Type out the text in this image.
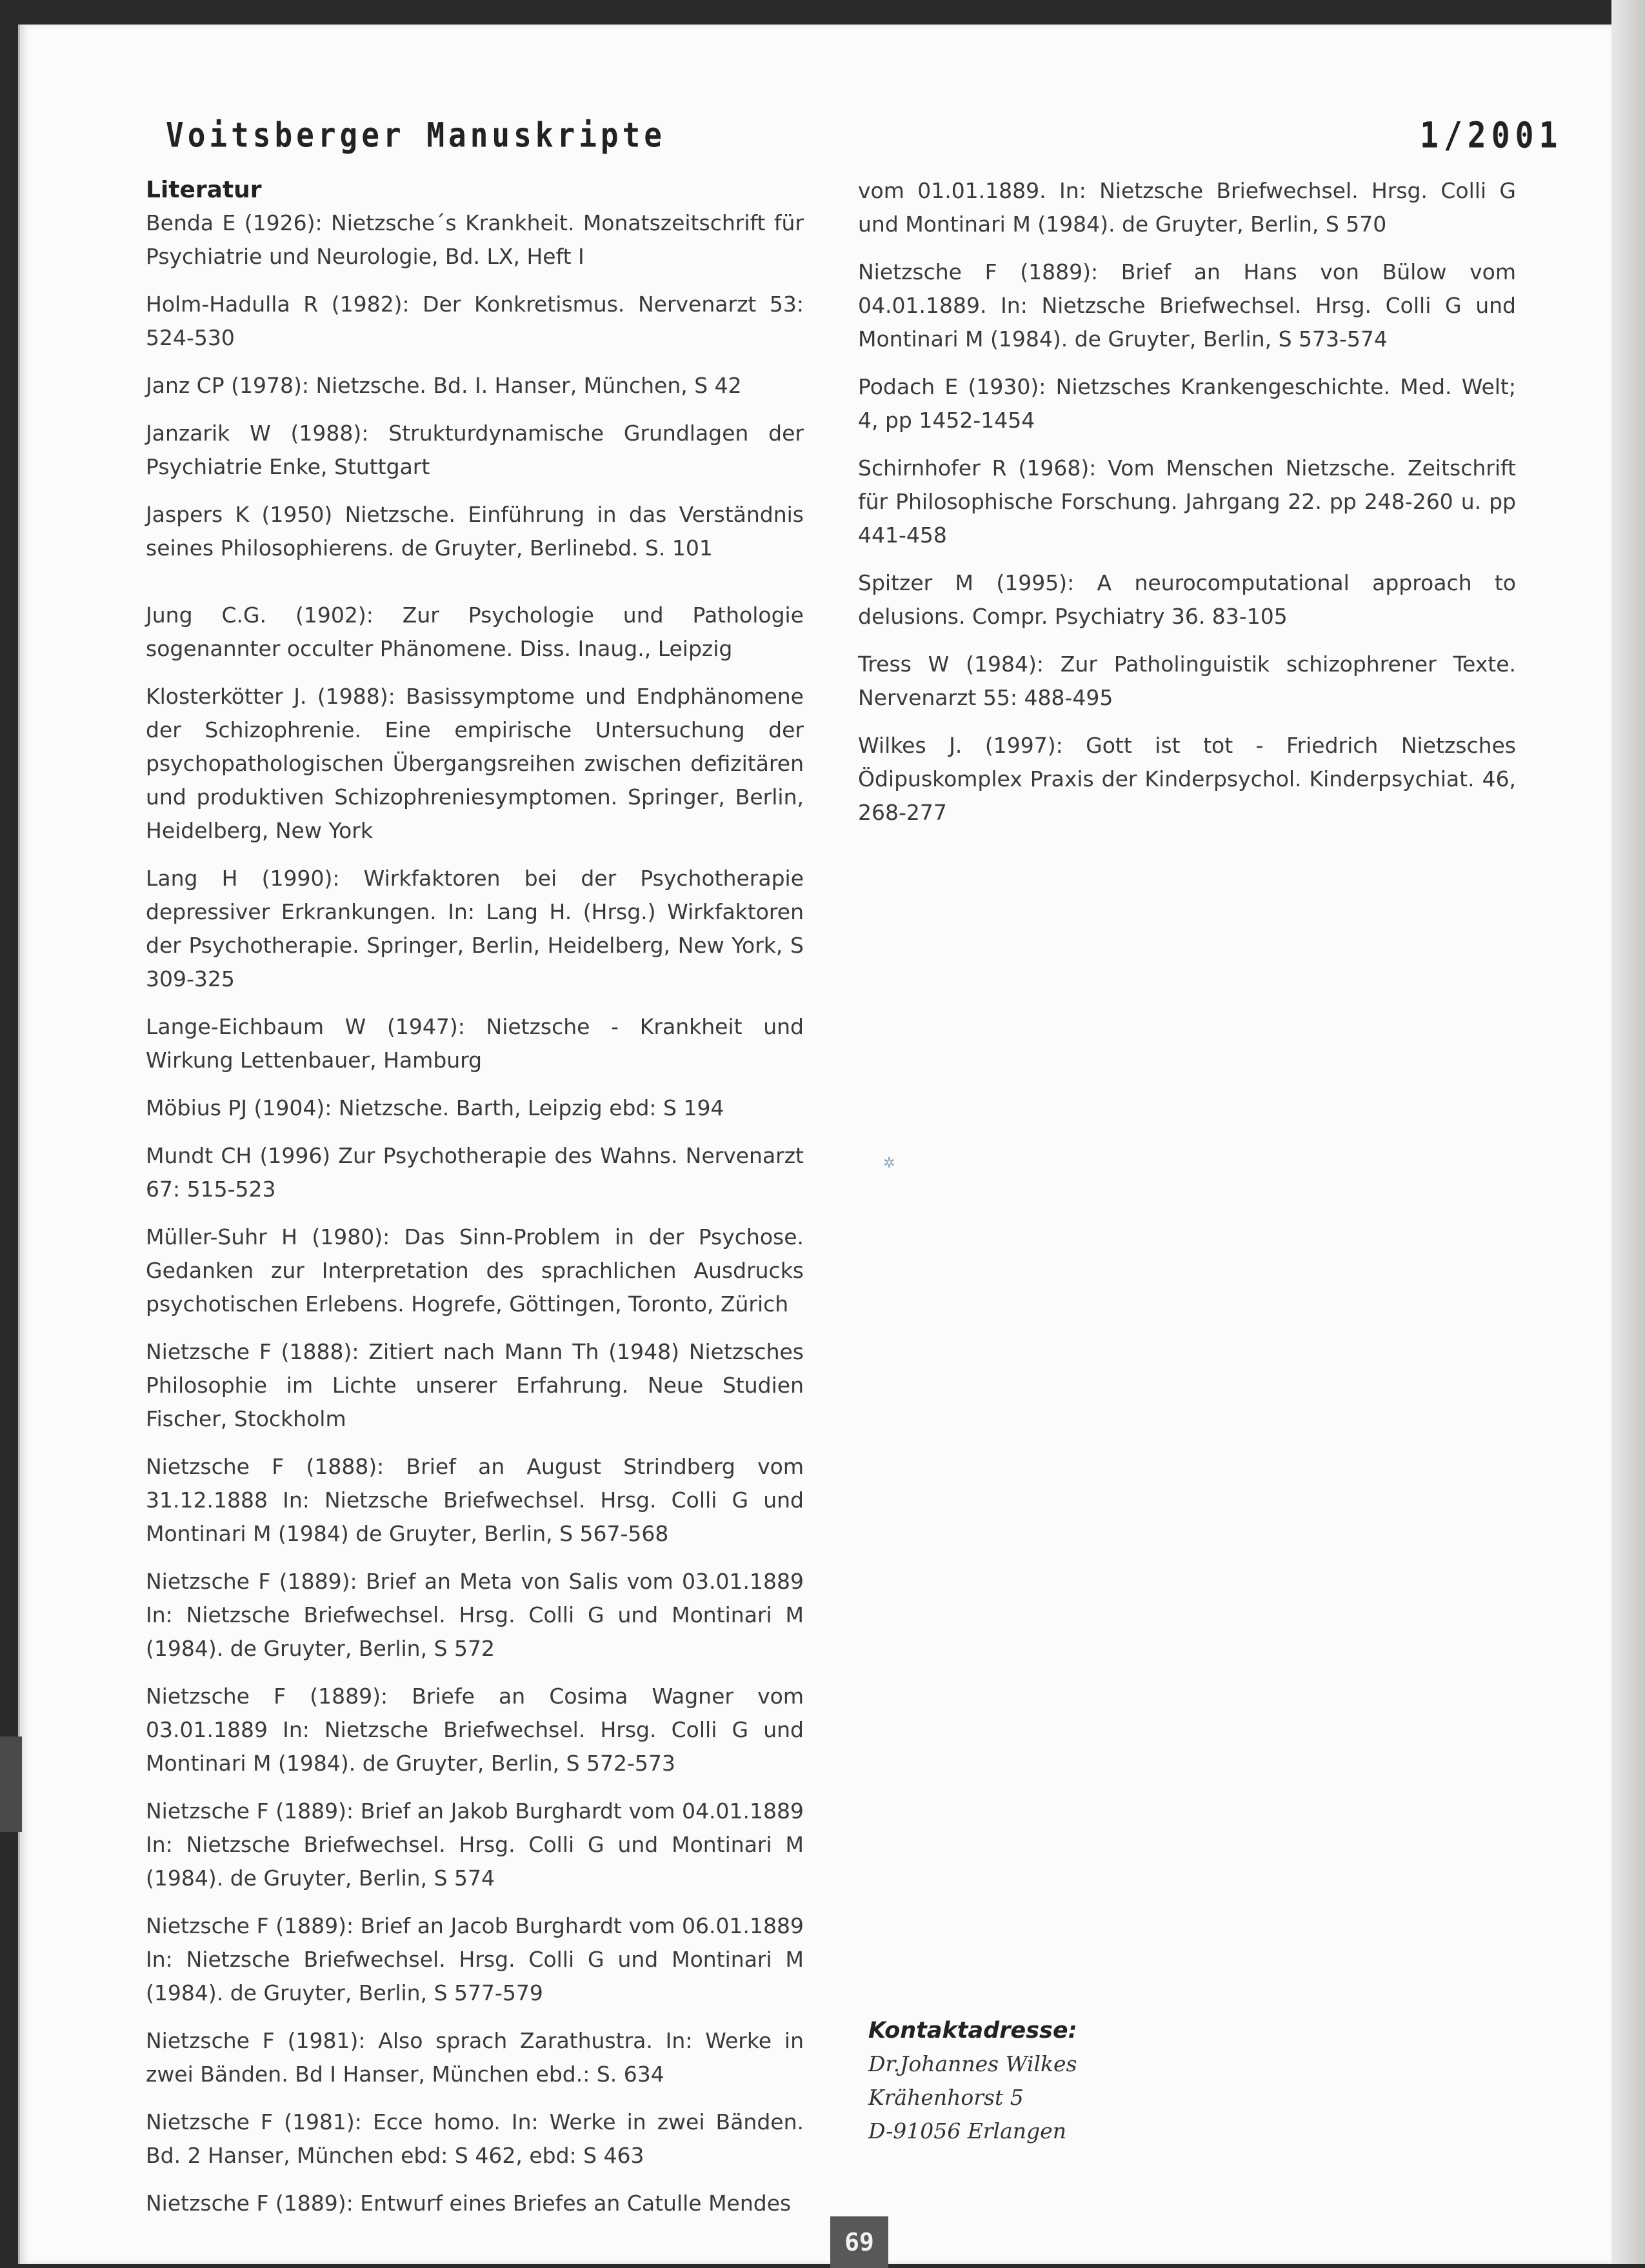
Voitsberger Manuskripte	1/2001
✲
69
Literatur

Benda E (1926): Nietzsche´s Krankheit. Monatszeitschrift für Psychiatrie und Neurologie, Bd. LX, Heft I

Holm-Hadulla R (1982): Der Konkretismus. Nervenarzt 53: 524-530

Janz CP (1978): Nietzsche. Bd. I. Hanser, München, S 42

Janzarik W (1988): Strukturdynamische Grundlagen der Psychiatrie Enke, Stuttgart

Jaspers K (1950) Nietzsche. Einführung in das Verständnis seines Philosophierens. de Gruyter, Berlinebd. S. 101

Jung C.G. (1902): Zur Psychologie und Pathologie sogenannter occulter Phänomene. Diss. Inaug., Leipzig

Klosterkötter J. (1988): Basissymptome und Endphänomene der Schizophrenie. Eine empirische Untersuchung der psychopathologischen Übergangsreihen zwischen defizitären und produktiven Schizophreniesymptomen. Springer, Berlin, Heidelberg, New York

Lang H (1990): Wirkfaktoren bei der Psychotherapie depressiver Erkrankungen. In: Lang H. (Hrsg.) Wirkfaktoren der Psychotherapie. Springer, Berlin, Heidelberg, New York, S 309-325

Lange-Eichbaum W (1947): Nietzsche - Krankheit und Wirkung Lettenbauer, Hamburg

Möbius PJ (1904): Nietzsche. Barth, Leipzig ebd: S 194

Mundt CH (1996) Zur Psychotherapie des Wahns. Nervenarzt 67: 515-523

Müller-Suhr H (1980): Das Sinn-Problem in der Psychose. Gedanken zur Interpretation des sprachlichen Ausdrucks psychotischen Erlebens. Hogrefe, Göttingen, Toronto, Zürich

Nietzsche F (1888): Zitiert nach Mann Th (1948) Nietzsches Philosophie im Lichte unserer Erfahrung. Neue Studien Fischer, Stockholm

Nietzsche F (1888): Brief an August Strindberg vom 31.12.1888 In: Nietzsche Briefwechsel. Hrsg. Colli G und Montinari M (1984) de Gruyter, Berlin, S 567-568

Nietzsche F (1889): Brief an Meta von Salis vom 03.01.1889 In: Nietzsche Briefwechsel. Hrsg. Colli G und Montinari M (1984). de Gruyter, Berlin, S 572

Nietzsche F (1889): Briefe an Cosima Wagner vom 03.01.1889 In: Nietzsche Briefwechsel. Hrsg. Colli G und Montinari M (1984). de Gruyter, Berlin, S 572-573

Nietzsche F (1889): Brief an Jakob Burghardt vom 04.01.1889 In: Nietzsche Briefwechsel. Hrsg. Colli G und Montinari M (1984). de Gruyter, Berlin, S 574

Nietzsche F (1889): Brief an Jacob Burghardt vom 06.01.1889 In: Nietzsche Briefwechsel. Hrsg. Colli G und Montinari M (1984). de Gruyter, Berlin, S 577-579

Nietzsche F (1981): Also sprach Zarathustra. In: Werke in zwei Bänden. Bd I Hanser, München ebd.: S. 634

Nietzsche F (1981): Ecce homo. In: Werke in zwei Bänden. Bd. 2 Hanser, München ebd: S 462, ebd: S 463

Nietzsche F (1889): Entwurf eines Briefes an Catulle Mendes

vom 01.01.1889. In: Nietzsche Briefwechsel. Hrsg. Colli G und Montinari M (1984). de Gruyter, Berlin, S 570

Nietzsche F (1889): Brief an Hans von Bülow vom 04.01.1889. In: Nietzsche Briefwechsel. Hrsg. Colli G und Montinari M (1984). de Gruyter, Berlin, S 573-574

Podach E (1930): Nietzsches Krankengeschichte. Med. Welt; 4, pp 1452-1454

Schirnhofer R (1968): Vom Menschen Nietzsche. Zeitschrift für Philosophische Forschung. Jahrgang 22. pp 248-260 u. pp 441-458

Spitzer M (1995): A neurocomputational approach to delusions. Compr. Psychiatry 36. 83-105

Tress W (1984): Zur Patholinguistik schizophrener Texte. Nervenarzt 55: 488-495

Wilkes J. (1997): Gott ist tot - Friedrich Nietzsches Ödipuskomplex Praxis der Kinderpsychol. Kinderpsychiat. 46, 268-277

Kontaktadresse:
Dr.Johannes Wilkes
Krähenhorst 5
D-91056 Erlangen
